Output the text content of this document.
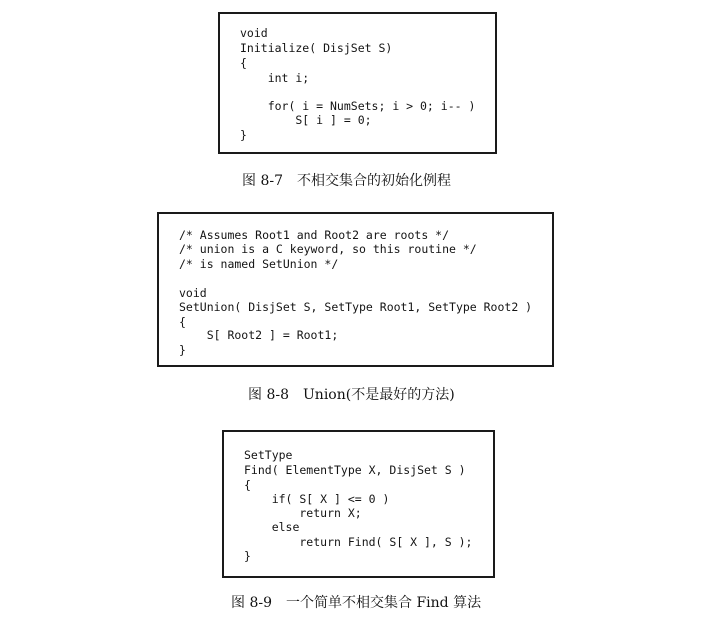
void
Initialize( DisjSet S)
{
int i;
for( i = NumSets; i > 0; i-- )
S[ i ] = 0;
}
图 8-7 不相交集合的初始化例程
/* Assumes Root1 and Root2 are roots */
/* union is a C keyword, so this routine */
/* is named SetUnion */
void
SetUnion( DisjSet S, SetType Root1, SetType Root2 )
{
S[ Root2 ] = Root1;
}
图 8-8 Union(不是最好的方法)
SetType
Find( ElementType X, DisjSet S )
{
if( S[ X ] <= 0 )
return X;
else
return Find( S[ X ], S );
}
图 8-9 一个简单不相交集合 Find 算法
